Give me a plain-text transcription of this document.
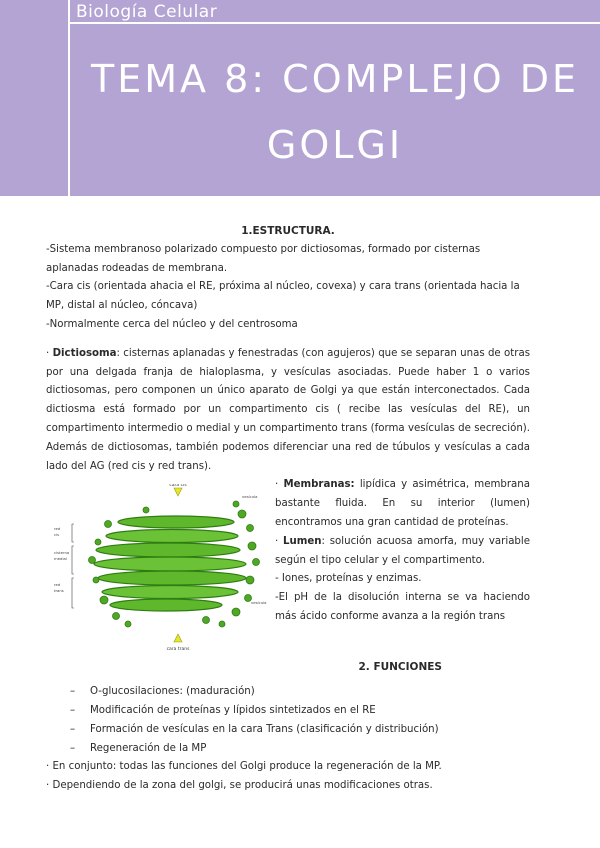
Biología Celular
TEMA 8: COMPLEJO DE
GOLGI

1.ESTRUCTURA.

-Sistema membranoso polarizado compuesto por dictiosomas, formado por cisternas aplanadas rodeadas de membrana.

-Cara cis (orientada ahacia el RE, próxima al núcleo, covexa) y cara trans (orientada hacia la MP, distal al núcleo, cóncava)

-Normalmente cerca del núcleo y del centrosoma

· Dictiosoma: cisternas aplanadas y fenestradas (con agujeros) que se separan unas de otras por una delgada franja de hialoplasma, y vesículas asociadas. Puede haber 1 o varios dictiosomas, pero componen un único aparato de Golgi ya que están interconectados. Cada dictiosma está formado por un compartimento cis ( recibe las vesículas del RE), un compartimento intermedio o medial y un compartimento trans (forma vesículas de secreción). Además de dictiosomas, también podemos diferenciar una red de túbulos y vesículas a cada lado del AG (red cis y red trans).

cara cis
red
cis
cisterna
medial
red
trans
vesícula
vesícula
cara trans

· Membranas: lipídica y asimétrica, membrana bastante fluida. En su interior (lumen) encontramos una gran cantidad de proteínas.

· Lumen: solución acuosa amorfa, muy variable según el tipo celular y el compartimento.

- Iones, proteínas y enzimas.

-El pH de la disolución interna se va haciendo más ácido conforme avanza a la región trans

2. FUNCIONES

– O-glucosilaciones: (maduración)
– Modificación de proteínas y lípidos sintetizados en el RE
– Formación de vesículas en la cara Trans (clasificación y distribución)
– Regeneración de la MP

· En conjunto: todas las funciones del Golgi produce la regeneración de la MP.

· Dependiendo de la zona del golgi, se producirá unas modificaciones otras.
